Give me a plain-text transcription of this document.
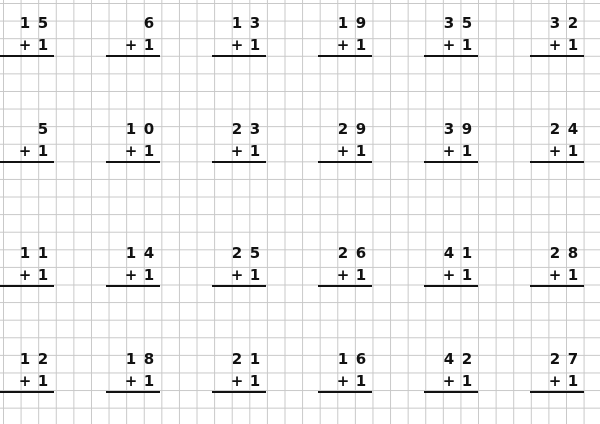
1 5
+ 1
6
+ 1
1 3
+ 1
1 9
+ 1
3 5
+ 1
3 2
+ 1
5
+ 1
1 0
+ 1
2 3
+ 1
2 9
+ 1
3 9
+ 1
2 4
+ 1
1 1
+ 1
1 4
+ 1
2 5
+ 1
2 6
+ 1
4 1
+ 1
2 8
+ 1
1 2
+ 1
1 8
+ 1
2 1
+ 1
1 6
+ 1
4 2
+ 1
2 7
+ 1
